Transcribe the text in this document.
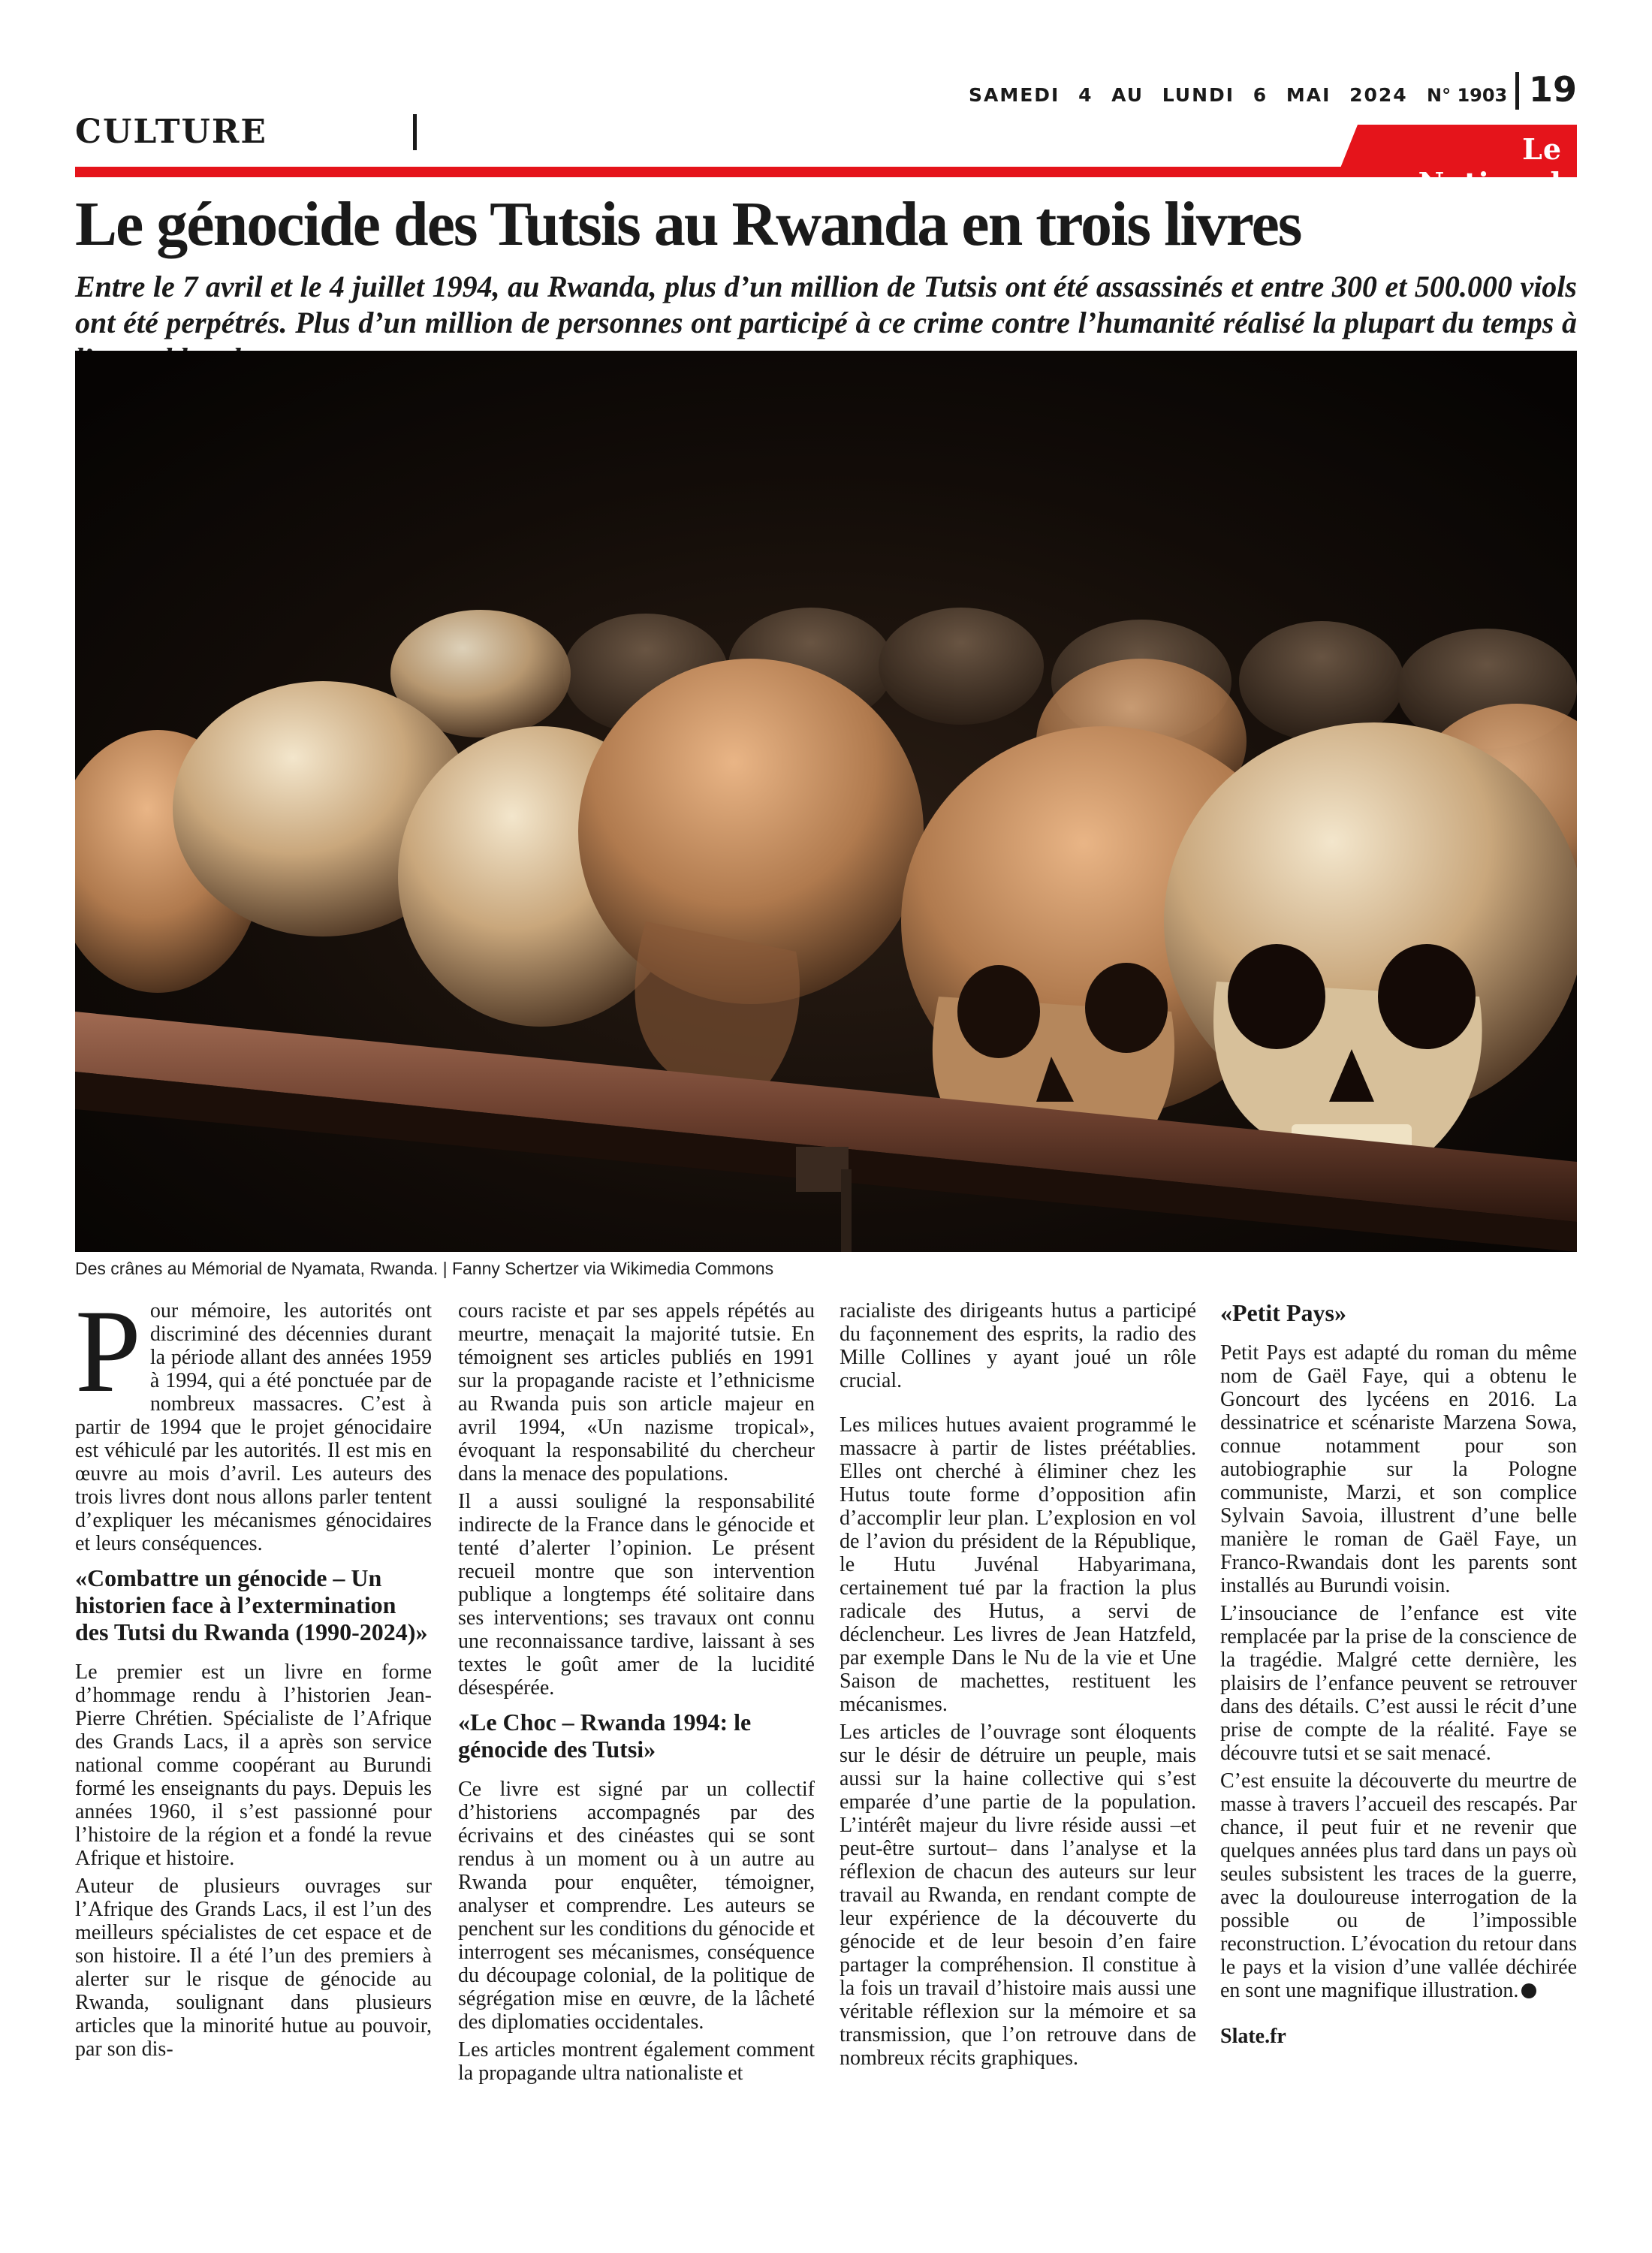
CULTURE
SAMEDI 4 AU LUNDI 6 MAI 2024 N° 1903 19
Le National
Le génocide des Tutsis au Rwanda en trois livres
Entre le 7 avril et le 4 juillet 1994, au Rwanda, plus d’un million de Tutsis ont été assassinés et entre 300 et 500.000 viols ont été perpétrés. Plus d’un million de personnes ont participé à ce crime contre l’humanité réalisé la plupart du temps à
Des crânes au Mémorial de Nyamata, Rwanda. | Fanny Schertzer via Wikimedia Commons

Pour mémoire, les autorités ont discriminé des décennies durant la période allant des années 1959 à 1994, qui a été ponctuée par de nombreux massacres. C’est à partir de 1994 que le projet génocidaire est véhiculé par les autorités. Il est mis en œuvre au mois d’avril. Les auteurs des trois livres dont nous allons parler tentent d’expliquer les mécanismes génocidaires et leurs conséquences.

«Combattre un génocide – Un historien face à l’extermination des Tutsi du Rwanda (1990-2024)»

Le premier est un livre en forme d’hommage rendu à l’historien Jean-Pierre Chrétien. Spécialiste de l’Afrique des Grands Lacs, il a après son service national comme coopérant au Burundi formé les enseignants du pays. Depuis les années 1960, il s’est passionné pour l’histoire de la région et a fondé la revue Afrique et histoire.

Auteur de plusieurs ouvrages sur l’Afrique des Grands Lacs, il est l’un des meilleurs spécialistes de cet espace et de son histoire. Il a été l’un des premiers à alerter sur le risque de génocide au Rwanda, soulignant dans plusieurs articles que la minorité hutue au pouvoir, par son dis-

cours raciste et par ses appels répétés au meurtre, menaçait la majorité tutsie. En témoignent ses articles publiés en 1991 sur la propagande raciste et l’ethnicisme au Rwanda puis son article majeur en avril 1994, «Un nazisme tropical», évoquant la responsabilité du chercheur dans la menace des populations.

Il a aussi souligné la responsabilité indirecte de la France dans le génocide et tenté d’alerter l’opinion. Le présent recueil montre que son intervention publique a longtemps été solitaire dans ses interventions; ses travaux ont connu une reconnaissance tardive, laissant à ses textes le goût amer de la lucidité désespérée.

«Le Choc – Rwanda 1994: le génocide des Tutsi»

Ce livre est signé par un collectif d’historiens accompagnés par des écrivains et des cinéastes qui se sont rendus à un moment ou à un autre au Rwanda pour enquêter, témoigner, analyser et comprendre. Les auteurs se penchent sur les conditions du génocide et interrogent ses mécanismes, conséquence du découpage colonial, de la politique de ségrégation mise en œuvre, de la lâcheté des diplomaties occidentales.

Les articles montrent également comment la propagande ultra nationaliste et

racialiste des dirigeants hutus a participé du façonnement des esprits, la radio des Mille Collines y ayant joué un rôle crucial.

Les milices hutues avaient programmé le massacre à partir de listes préétablies. Elles ont cherché à éliminer chez les Hutus toute forme d’opposition afin d’accomplir leur plan. L’explosion en vol de l’avion du président de la République, le Hutu Juvénal Habyarimana, certainement tué par la fraction la plus radicale des Hutus, a servi de déclencheur. Les livres de Jean Hatzfeld, par exemple Dans le Nu de la vie et Une Saison de machettes, restituent les mécanismes.

Les articles de l’ouvrage sont éloquents sur le désir de détruire un peuple, mais aussi sur la haine collective qui s’est emparée d’une partie de la population. L’intérêt majeur du livre réside aussi –et peut-être surtout– dans l’analyse et la réflexion de chacun des auteurs sur leur travail au Rwanda, en rendant compte de leur expérience de la découverte du génocide et de leur besoin d’en faire partager la compréhension. Il constitue à la fois un travail d’histoire mais aussi une véritable réflexion sur la mémoire et sa transmission, que l’on retrouve dans de nombreux récits graphiques.

«Petit Pays»

Petit Pays est adapté du roman du même nom de Gaël Faye, qui a obtenu le Goncourt des lycéens en 2016. La dessinatrice et scénariste Marzena Sowa, connue notamment pour son autobiographie sur la Pologne communiste, Marzi, et son complice Sylvain Savoia, illustrent d’une belle manière le roman de Gaël Faye, un Franco-Rwandais dont les parents sont installés au Burundi voisin.

L’insouciance de l’enfance est vite remplacée par la prise de la conscience de la tragédie. Malgré cette dernière, les plaisirs de l’enfance peuvent se retrouver dans des détails. C’est aussi le récit d’une prise de compte de la réalité. Faye se découvre tutsi et se sait menacé.

C’est ensuite la découverte du meurtre de masse à travers l’accueil des rescapés. Par chance, il peut fuir et ne revenir que quelques années plus tard dans un pays où seules subsistent les traces de la guerre, avec la douloureuse interrogation de la possible ou de l’impossible reconstruction. L’évocation du retour dans le pays et la vision d’une vallée déchirée en sont une magnifique illustration.

Slate.fr
